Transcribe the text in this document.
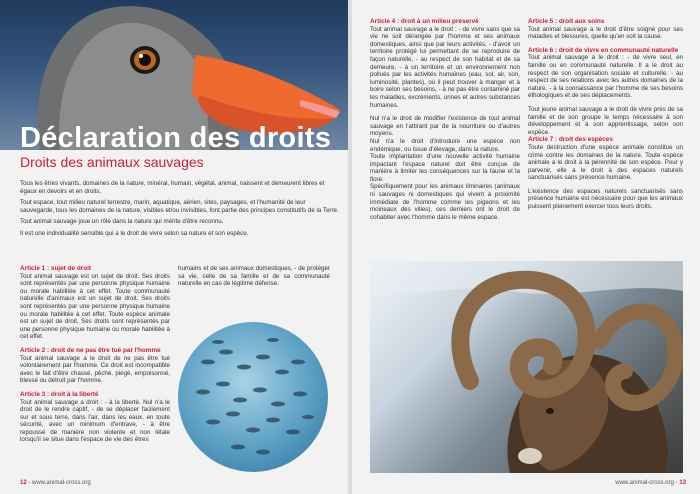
Déclaration des droits
Droits des animaux sauvages

Tous les êtres vivants, domaines de la nature, minéral, humain, végétal, animal, naissent et demeurent libres et égaux en devoirs et en droits.

Tout espace, tout milieu naturel terrestre, marin, aquatique, aérien, sites, paysages, et l'humanité de leur sauvegarde, tous les domaines de la nature, visibles et/ou invisibles, font partie des principes constitutifs de la Terre.

Tout animal sauvage joue un rôle dans la nature qui mérite d'être reconnu.

Il est une individualité sensible qui a le droit de vivre selon sa nature et son espèce.

Article 1 : sujet de droit

Tout animal sauvage est un sujet de droit. Ses droits sont représentés par une personne physique humaine ou morale habilitée à cet effet. Toute communauté naturelle d'animaux est un sujet de droit. Ses droits sont représentés par une personne physique humaine ou morale habilitée à cet effet. Toute espèce animale est un sujet de droit. Ses droits sont représentés par une personne physique humaine ou morale habilitée à cet effet.

Article 2 : droit de ne pas être tué par l'homme

Tout animal sauvage a le droit de ne pas être tué volontairement par l'homme. Ce droit est incompatible avec le fait d'être chassé, pêché, piégé, empoisonné, blessé ou détruit par l'homme.

Article 3 : droit à la liberté

Tout animal sauvage a droit : - à la liberté. Nul n'a le droit de le rendre captif, - de se déplacer facilement sur et sous terre, dans l'air, dans les eaux, en toute sécurité, avec un minimum d'entrave, - à être repoussé de manière non violente et non létale lorsqu'il se situe dans l'espace de vie des êtres

humains et de ses animaux domestiques, - de protéger sa vie, celle de sa famille et de sa communauté naturelle en cas de légitime défense.

12 - www.animal-cross.org

Article 4 : droit à un milieu préservé

Tout animal sauvage a le droit : - de vivre sans que sa vie ne soit dérangée par l'homme et ses animaux domestiques, ainsi que par leurs activités, - d'avoir un territoire protégé lui permettant de se reproduire de façon naturelle, - au respect de son habitat et de sa demeure, - à un territoire et un environnement non pollués par les activités humaines (eau, sol, air, son, luminosité, plantes), où il peut trouver à manger et à boire selon ses besoins, - à ne pas être contaminé par les maladies, excréments, urines et autres substances humaines.

Nul n'a le droit de modifier l'existence de tout animal sauvage en l'attirant par de la nourriture ou d'autres moyens.

Nul n'a le droit d'introduire une espèce non endémique, ou issue d'élevage, dans la nature.

Toute implantation d'une nouvelle activité humaine impactant l'espace naturel doit être conçue de manière à limiter les conséquences sur la faune et la flore.

Spécifiquement pour les animaux liminaires (animaux ni sauvages ni domestiques qui vivent à proximité immédiate de l'homme comme les pigeons et les moineaux des villes), ces derniers ont le droit de cohabiter avec l'homme dans le même espace.

Article 5 : droit aux soins

Tout animal sauvage a le droit d'être soigné pour ses maladies et blessures, quelle qu'en soit la cause.

Article 6 : droit de vivre en communauté naturelle

Tout animal sauvage a le droit : - de vivre seul, en famille ou en communauté naturelle. Il a le droit au respect de son organisation sociale et culturelle. - au respect de ses relations avec les autres domaines de la nature. - à la connaissance par l'homme de ses besoins éthologiques et de ses déplacements.

Tout jeune animal sauvage a le droit de vivre près de sa famille et de son groupe le temps nécessaire à son développement et à son apprentissage, selon son espèce.

Article 7 : droit des espèces

Toute destruction d'une espèce animale constitue un crime contre les domaines de la nature. Toute espèce animale a le droit à la pérennité de son espèce. Pour y parvenir, elle a le droit à des espaces naturels sanctuarisés sans présence humaine.

L'existence des espaces naturels sanctuarisés sans présence humaine est nécessaire pour que les animaux puissent pleinement exercer tous leurs droits.

www.animal-cross.org - 13
